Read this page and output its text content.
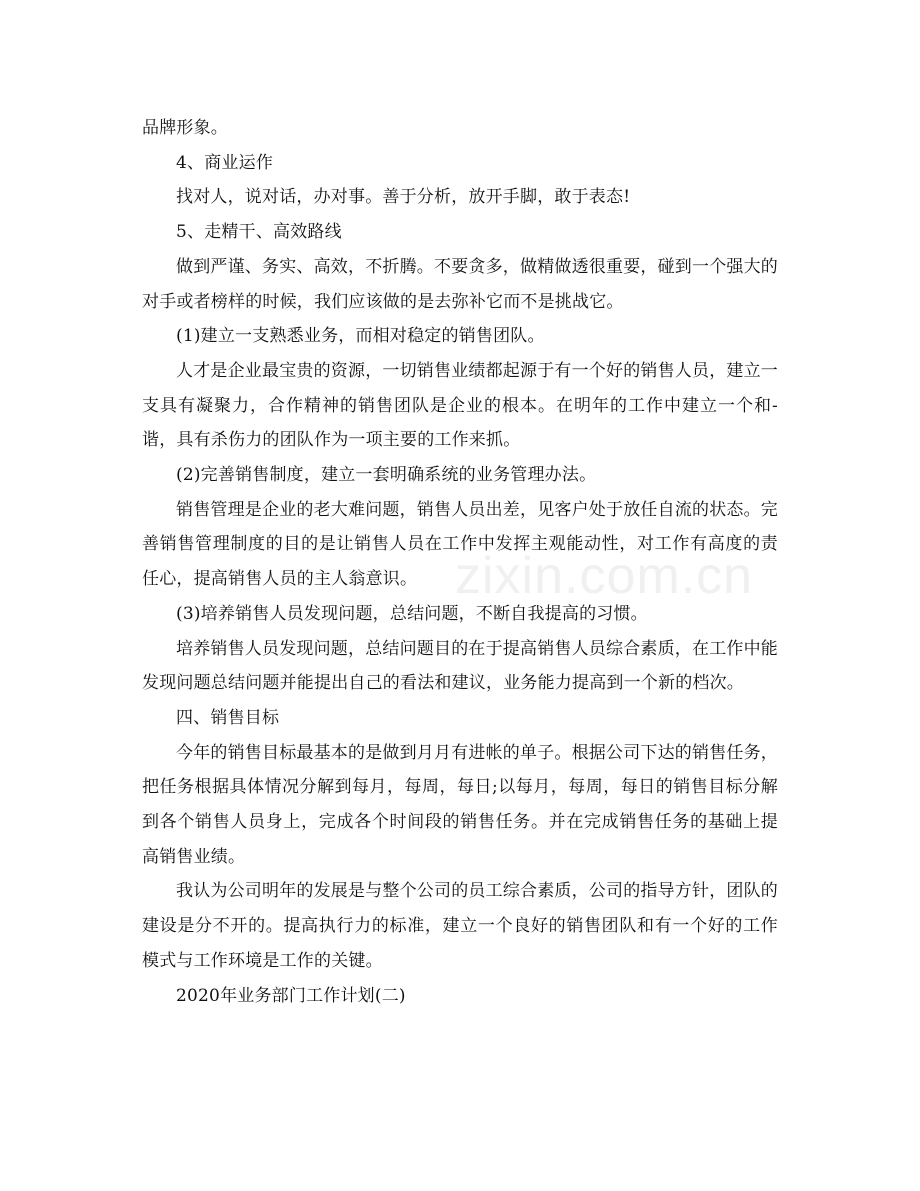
zixin.com.cn

品牌形象。

4、商业运作

找对人，说对话，办对事。善于分析，放开手脚，敢于表态!

5、走精干、高效路线

做到严谨、务实、高效，不折腾。不要贪多，做精做透很重要，碰到一个强大的对手或者榜样的时候，我们应该做的是去弥补它而不是挑战它。

(1)建立一支熟悉业务，而相对稳定的销售团队。

人才是企业最宝贵的资源，一切销售业绩都起源于有一个好的销售人员，建立一支具有凝聚力，合作精神的销售团队是企业的根本。在明年的工作中建立一个和-谐，具有杀伤力的团队作为一项主要的工作来抓。

(2)完善销售制度，建立一套明确系统的业务管理办法。

销售管理是企业的老大难问题，销售人员出差，见客户处于放任自流的状态。完善销售管理制度的目的是让销售人员在工作中发挥主观能动性，对工作有高度的责任心，提高销售人员的主人翁意识。

(3)培养销售人员发现问题，总结问题，不断自我提高的习惯。

培养销售人员发现问题，总结问题目的在于提高销售人员综合素质，在工作中能发现问题总结问题并能提出自己的看法和建议，业务能力提高到一个新的档次。

四、销售目标

今年的销售目标最基本的是做到月月有进帐的单子。根据公司下达的销售任务，把任务根据具体情况分解到每月，每周，每日;以每月，每周，每日的销售目标分解到各个销售人员身上，完成各个时间段的销售任务。并在完成销售任务的基础上提高销售业绩。

我认为公司明年的发展是与整个公司的员工综合素质，公司的指导方针，团队的建设是分不开的。提高执行力的标准，建立一个良好的销售团队和有一个好的工作模式与工作环境是工作的关键。

2020年业务部门工作计划(二)
